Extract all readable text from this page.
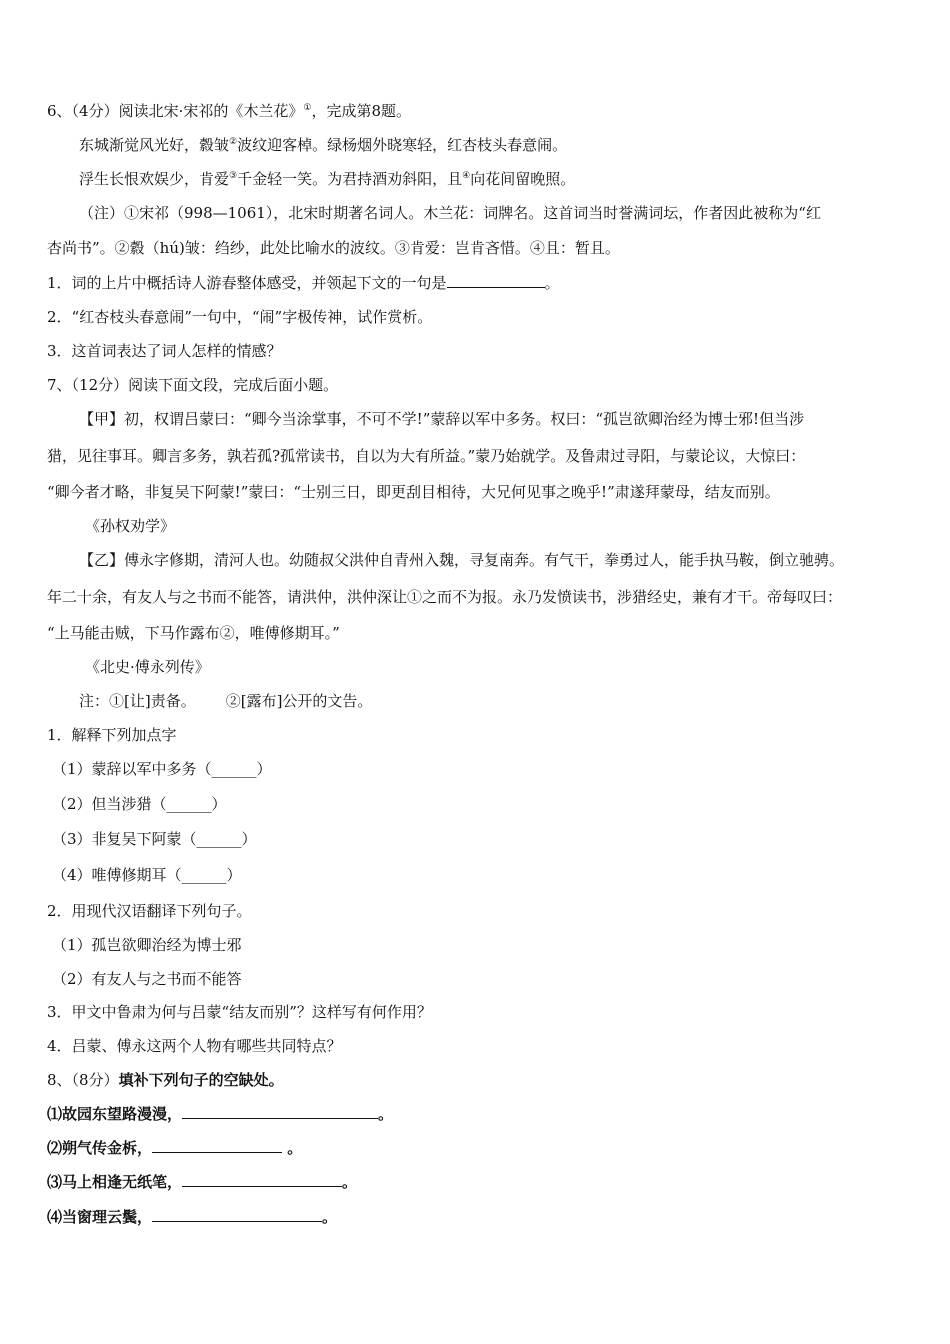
6、（4分）阅读北宋·宋祁的《木兰花》①，完成第8题。
东城渐觉风光好，縠皱②波纹迎客棹。绿杨烟外晓寒轻，红杏枝头春意闹。
浮生长恨欢娱少，肯爱③千金轻一笑。为君持酒劝斜阳，且④向花间留晚照。
（注）①宋祁（998—1061），北宋时期著名词人。木兰花：词牌名。这首词当时誉满词坛，作者因此被称为“红
杏尚书”。②縠（hú)皱：绉纱，此处比喻水的波纹。③肯爱：岂肯吝惜。④且：暂且。
1．词的上片中概括诗人游春整体感受，并领起下文的一句是	。
2．“红杏枝头春意闹”一句中，“闹”字极传神，试作赏析。
3．这首词表达了词人怎样的情感？
7、（12分）阅读下面文段，完成后面小题。
【甲】初，权谓吕蒙曰：“卿今当涂掌事，不可不学!”蒙辞以军中多务。权曰：“孤岂欲卿治经为博士邪!但当涉
猎，见往事耳。卿言多务，孰若孤?孤常读书，自以为大有所益。”蒙乃始就学。及鲁肃过寻阳，与蒙论议，大惊曰：
“卿今者才略，非复吴下阿蒙!”蒙曰：“士别三日，即更刮目相待，大兄何见事之晚乎!”肃遂拜蒙母，结友而别。
《孙权劝学》
【乙】傅永字修期，清河人也。幼随叔父洪仲自青州入魏，寻复南奔。有气干，拳勇过人，能手执马鞍，倒立驰骋。
年二十余，有友人与之书而不能答，请洪仲，洪仲深让①之而不为报。永乃发愤读书，涉猎经史，兼有才干。帝每叹曰：
“上马能击贼，下马作露布②，唯傅修期耳。”
《北史·傅永列传》
注：①[让]责备。 ②[露布]公开的文告。
1．解释下列加点字
（1）蒙辞以军中多务（______）
（2）但当涉猎（______）
（3）非复吴下阿蒙（______）
（4）唯傅修期耳（______）
2．用现代汉语翻译下列句子。
（1）孤岂欲卿治经为博士邪
（2）有友人与之书而不能答
3．甲文中鲁肃为何与吕蒙“结友而别”？这样写有何作用？
4．吕蒙、傅永这两个人物有哪些共同特点？
8、（8分）填补下列句子的空缺处。
⑴故园东望路漫漫，	。
⑵朔气传金柝，	。
⑶马上相逢无纸笔，	。
⑷当窗理云鬓，	。
